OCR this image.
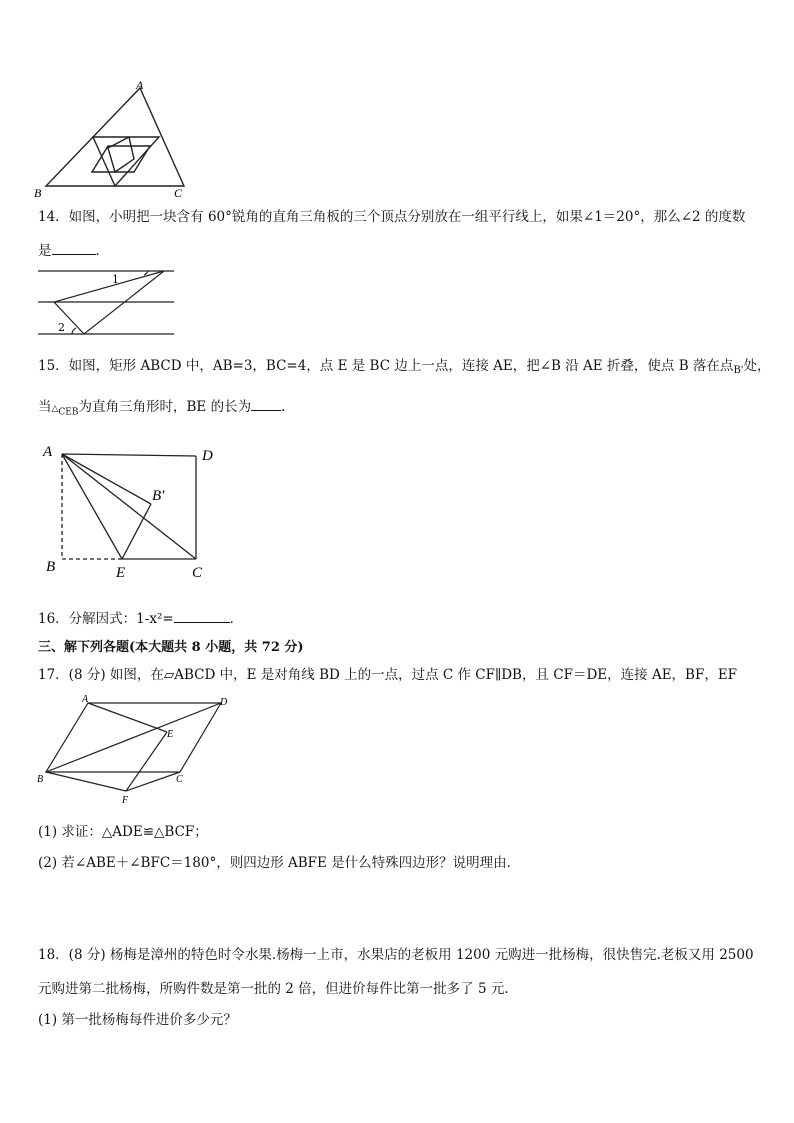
A
B	C
14．如图，小明把一块含有 60°锐角的直角三角板的三个顶点分别放在一组平行线上，如果∠1＝20°，那么∠2 的度数
是	．
1
2
15．如图，矩形 ABCD 中，AB=3，BC=4，点 E 是 BC 边上一点，连接 AE，把∠B 沿 AE 折叠，使点 B 落在点$_{B'}$处，
当$\triangle_{CEB}$为直角三角形时，BE 的长为 .
A	D
B′
B	E	C
16．分解因式：1-x²=	．
三、解下列各题(本大题共 8 小题，共 72 分)
17．(8 分) 如图，在▱ABCD 中，E 是对角线 BD 上的一点，过点 C 作 CF∥DB，且 CF＝DE，连接 AE，BF，EF
A	D
E
B	C
F
(1) 求证：△ADE≌△BCF；
(2) 若∠ABE＋∠BFC＝180°，则四边形 ABFE 是什么特殊四边形？说明理由．
18．(8 分) 杨梅是漳州的特色时令水果.杨梅一上市，水果店的老板用 1200 元购进一批杨梅，很快售完.老板又用 2500
元购进第二批杨梅，所购件数是第一批的 2 倍，但进价每件比第一批多了 5 元.
(1) 第一批杨梅每件进价多少元？
